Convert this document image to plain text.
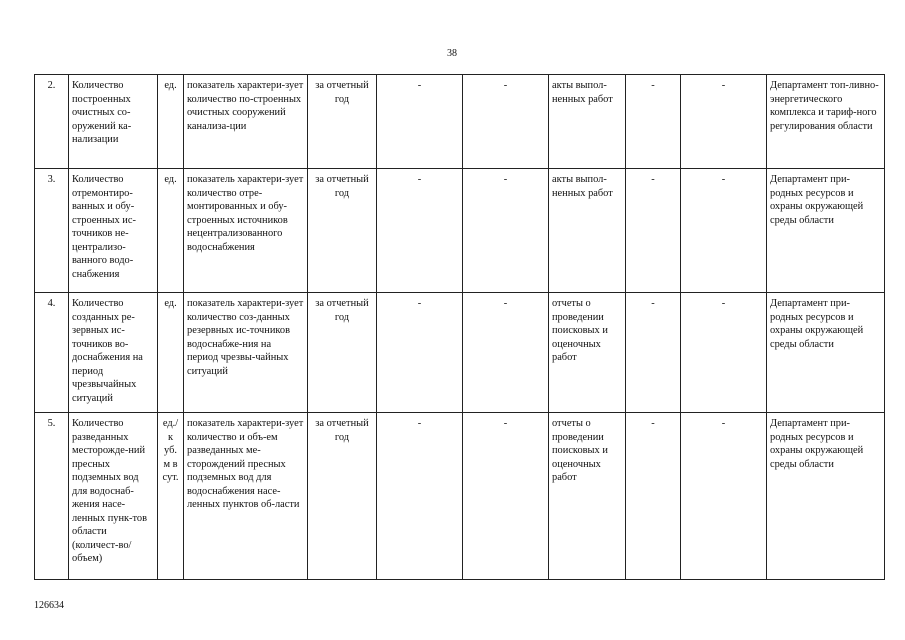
38
2.	Количество построенных очистных со-оружений ка-нализации	ед.	показатель характери-зует количество по-строенных очистных сооружений канализа-ции	за отчетный год	-	-	акты выпол-ненных работ	-	-	Департамент топ-ливно-энергетического комплекса и тариф-ного регулирования области
3.	Количество отремонтиро-ванных и обу-строенных ис-точников не-централизо-ванного водо-снабжения	ед.	показатель характери-зует количество отре-монтированных и обу-строенных источников нецентрализованного водоснабжения	за отчетный год	-	-	акты выпол-ненных работ	-	-	Департамент при-родных ресурсов и охраны окружающей среды области
4.	Количество созданных ре-зервных ис-точников во-доснабжения на период чрезвычайных ситуаций	ед.	показатель характери-зует количество соз-данных резервных ис-точников водоснабже-ния на период чрезвы-чайных ситуаций	за отчетный год	-	-	отчеты о проведении поисковых и оценочных работ	-	-	Департамент при-родных ресурсов и охраны окружающей среды области
5.	Количество разведанных месторожде-ний пресных подземных вод для водоснаб-жения насе-ленных пунк-тов области (количест-во/объем)	ед./к уб. м в сут.	показатель характери-зует количество и объ-ем разведанных ме-сторождений пресных подземных вод для водоснабжения насе-ленных пунктов об-ласти	за отчетный год	-	-	отчеты о проведении поисковых и оценочных работ	-	-	Департамент при-родных ресурсов и охраны окружающей среды области
126634
